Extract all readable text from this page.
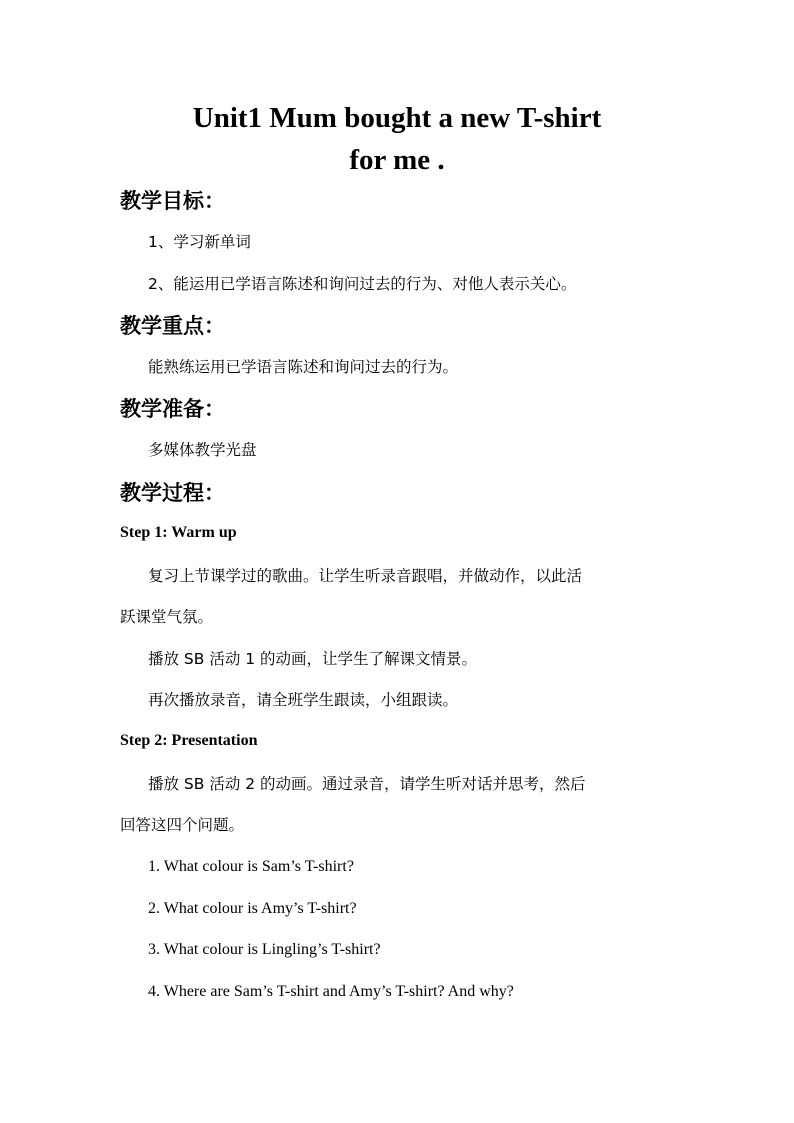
Unit1 Mum bought a new T-shirt
for me .
教学目标：
1、学习新单词
2、能运用已学语言陈述和询问过去的行为、对他人表示关心。
教学重点：
能熟练运用已学语言陈述和询问过去的行为。
教学准备：
多媒体教学光盘
教学过程：
Step 1: Warm up
复习上节课学过的歌曲。让学生听录音跟唱，并做动作，以此活
跃课堂气氛。
播放 SB 活动 1 的动画，让学生了解课文情景。
再次播放录音，请全班学生跟读，小组跟读。
Step 2: Presentation
播放 SB 活动 2 的动画。通过录音，请学生听对话并思考，然后
回答这四个问题。
1. What colour is Sam’s T-shirt?
2. What colour is Amy’s T-shirt?
3. What colour is Lingling’s T-shirt?
4. Where are Sam’s T-shirt and Amy’s T-shirt? And why?
